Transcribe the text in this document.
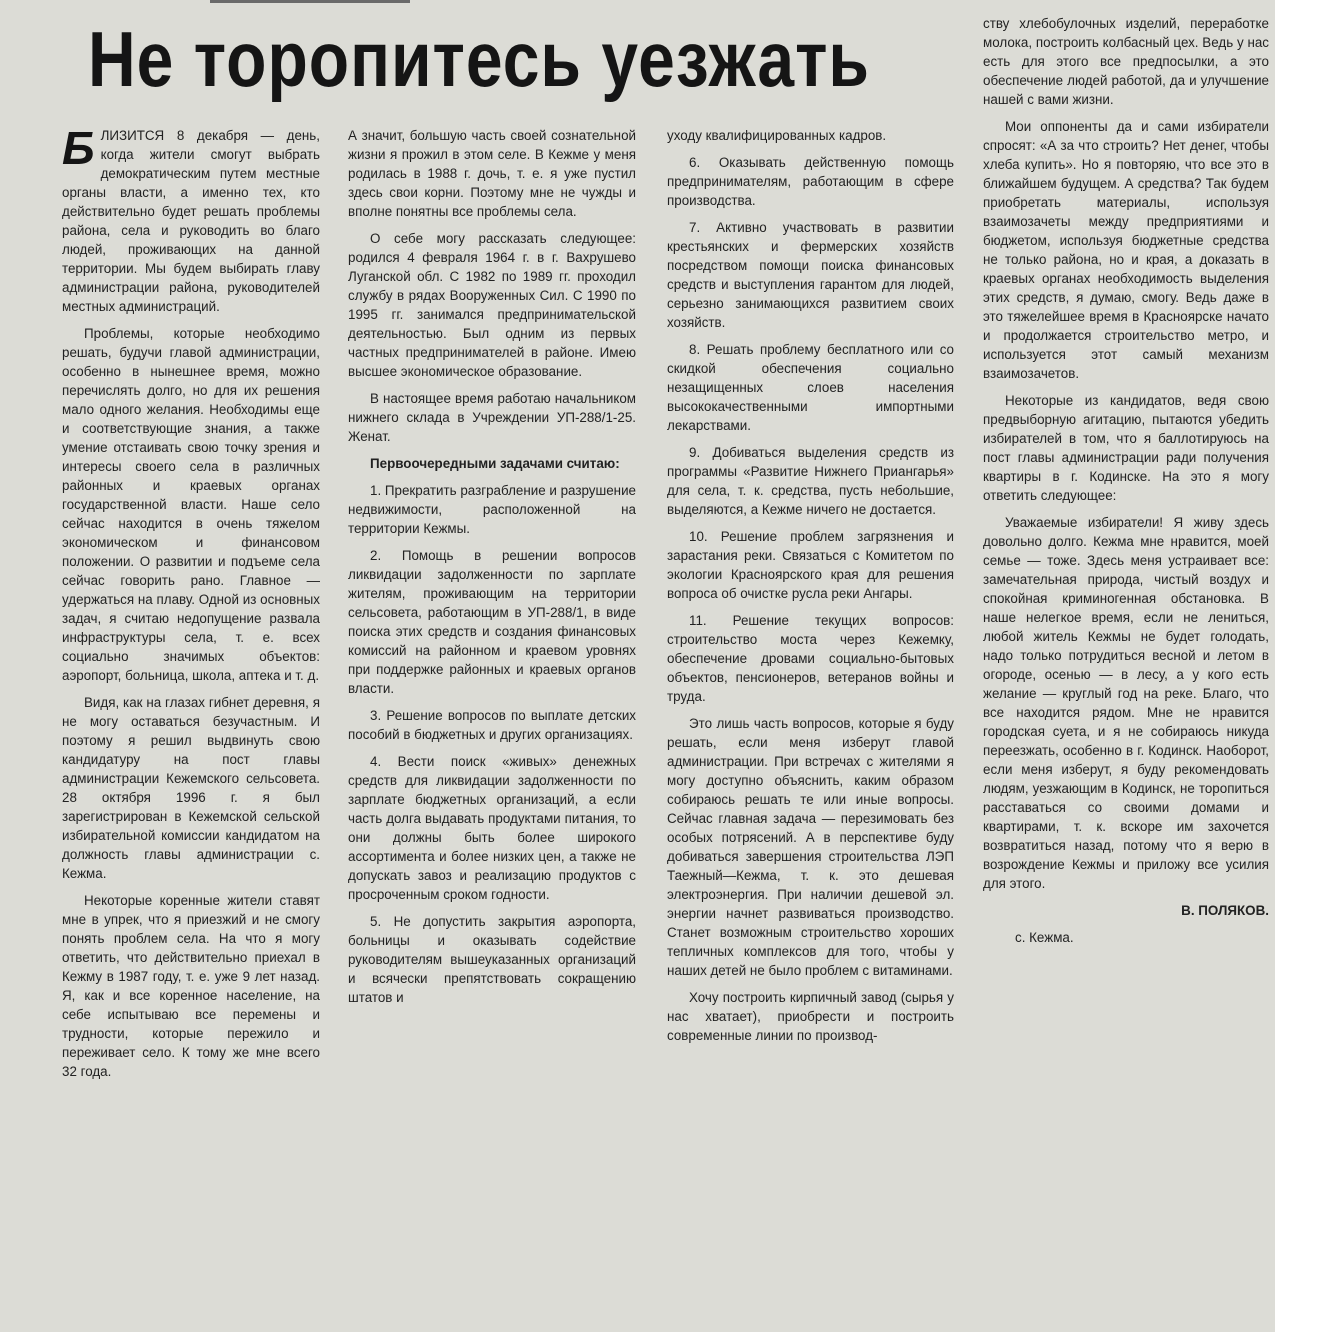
Не торопитесь уезжать

БЛИЗИТСЯ 8 декабря — день, когда жители смогут выбрать демократическим путем местные органы власти, а именно тех, кто действительно будет решать проблемы района, села и руководить во благо людей, проживающих на данной территории. Мы будем выбирать главу администрации района, руководителей местных администраций.

Проблемы, которые необходимо решать, будучи главой администрации, особенно в нынешнее время, можно перечислять долго, но для их решения мало одного желания. Необходимы еще и соответствующие знания, а также умение отстаивать свою точку зрения и интересы своего села в различных районных и краевых органах государственной власти. Наше село сейчас находится в очень тяжелом экономическом и финансовом положении. О развитии и подъеме села сейчас говорить рано. Главное — удержаться на плаву. Одной из основных задач, я считаю недопущение развала инфраструктуры села, т. е. всех социально значимых объектов: аэропорт, больница, школа, аптека и т. д.

Видя, как на глазах гибнет деревня, я не могу оставаться безучастным. И поэтому я решил выдвинуть свою кандидатуру на пост главы администрации Кежемского сельсовета. 28 октября 1996 г. я был зарегистрирован в Кежемской сельской избирательной комиссии кандидатом на должность главы администрации с. Кежма.

Некоторые коренные жители ставят мне в упрек, что я приезжий и не смогу понять проблем села. На что я могу ответить, что действительно приехал в Кежму в 1987 году, т. е. уже 9 лет назад. Я, как и все коренное население, на себе испытываю все перемены и трудности, которые пережило и переживает село. К тому же мне всего 32 года.

А значит, большую часть своей сознательной жизни я прожил в этом селе. В Кежме у меня родилась в 1988 г. дочь, т. е. я уже пустил здесь свои корни. Поэтому мне не чужды и вполне понятны все проблемы села.

О себе могу рассказать следующее: родился 4 февраля 1964 г. в г. Вахрушево Луганской обл. С 1982 по 1989 гг. проходил службу в рядах Вооруженных Сил. С 1990 по 1995 гг. занимался предпринимательской деятельностью. Был одним из первых частных предпринимателей в районе. Имею высшее экономическое образование.

В настоящее время работаю начальником нижнего склада в Учреждении УП-288/1-25. Женат.

Первоочередными задачами считаю:

1. Прекратить разграбление и разрушение недвижимости, расположенной на территории Кежмы.

2. Помощь в решении вопросов ликвидации задолженности по зарплате жителям, проживающим на территории сельсовета, работающим в УП-288/1, в виде поиска этих средств и создания финансовых комиссий на районном и краевом уровнях при поддержке районных и краевых органов власти.

3. Решение вопросов по выплате детских пособий в бюджетных и других организациях.

4. Вести поиск «живых» денежных средств для ликвидации задолженности по зарплате бюджетных организаций, а если часть долга выдавать продуктами питания, то они должны быть более широкого ассортимента и более низких цен, а также не допускать завоз и реализацию продуктов с просроченным сроком годности.

5. Не допустить закрытия аэропорта, больницы и оказывать содействие руководителям вышеуказанных организаций и всячески препятствовать сокращению штатов и

уходу квалифицированных кадров.

6. Оказывать действенную помощь предпринимателям, работающим в сфере производства.

7. Активно участвовать в развитии крестьянских и фермерских хозяйств посредством помощи поиска финансовых средств и выступления гарантом для людей, серьезно занимающихся развитием своих хозяйств.

8. Решать проблему бесплатного или со скидкой обеспечения социально незащищенных слоев населения высококачественными импортными лекарствами.

9. Добиваться выделения средств из программы «Развитие Нижнего Приангарья» для села, т. к. средства, пусть небольшие, выделяются, а Кежме ничего не достается.

10. Решение проблем загрязнения и зарастания реки. Связаться с Комитетом по экологии Красноярского края для решения вопроса об очистке русла реки Ангары.

11. Решение текущих вопросов: строительство моста через Кежемку, обеспечение дровами социально-бытовых объектов, пенсионеров, ветеранов войны и труда.

Это лишь часть вопросов, которые я буду решать, если меня изберут главой администрации. При встречах с жителями я могу доступно объяснить, каким образом собираюсь решать те или иные вопросы. Сейчас главная задача — перезимовать без особых потрясений. А в перспективе буду добиваться завершения строительства ЛЭП Таежный—Кежма, т. к. это дешевая электроэнергия. При наличии дешевой эл. энергии начнет развиваться производство. Станет возможным строительство хороших тепличных комплексов для того, чтобы у наших детей не было проблем с витаминами.

Хочу построить кирпичный завод (сырья у нас хватает), приобрести и построить современные линии по производ-

ству хлебобулочных изделий, переработке молока, построить колбасный цех. Ведь у нас есть для этого все предпосылки, а это обеспечение людей работой, да и улучшение нашей с вами жизни.

Мои оппоненты да и сами избиратели спросят: «А за что строить? Нет денег, чтобы хлеба купить». Но я повторяю, что все это в ближайшем будущем. А средства? Так будем приобретать материалы, используя взаимозачеты между предприятиями и бюджетом, используя бюджетные средства не только района, но и края, а доказать в краевых органах необходимость выделения этих средств, я думаю, смогу. Ведь даже в это тяжелейшее время в Красноярске начато и продолжается строительство метро, и используется этот самый механизм взаимозачетов.

Некоторые из кандидатов, ведя свою предвыборную агитацию, пытаются убедить избирателей в том, что я баллотируюсь на пост главы администрации ради получения квартиры в г. Кодинске. На это я могу ответить следующее:

Уважаемые избиратели! Я живу здесь довольно долго. Кежма мне нравится, моей семье — тоже. Здесь меня устраивает все: замечательная природа, чистый воздух и спокойная криминогенная обстановка. В наше нелегкое время, если не лениться, любой житель Кежмы не будет голодать, надо только потрудиться весной и летом в огороде, осенью — в лесу, а у кого есть желание — круглый год на реке. Благо, что все находится рядом. Мне не нравится городская суета, и я не собираюсь никуда переезжать, особенно в г. Кодинск. Наоборот, если меня изберут, я буду рекомендовать людям, уезжающим в Кодинск, не торопиться расставаться со своими домами и квартирами, т. к. вскоре им захочется возвратиться назад, потому что я верю в возрождение Кежмы и приложу все усилия для этого.

В. ПОЛЯКОВ.

с. Кежма.
